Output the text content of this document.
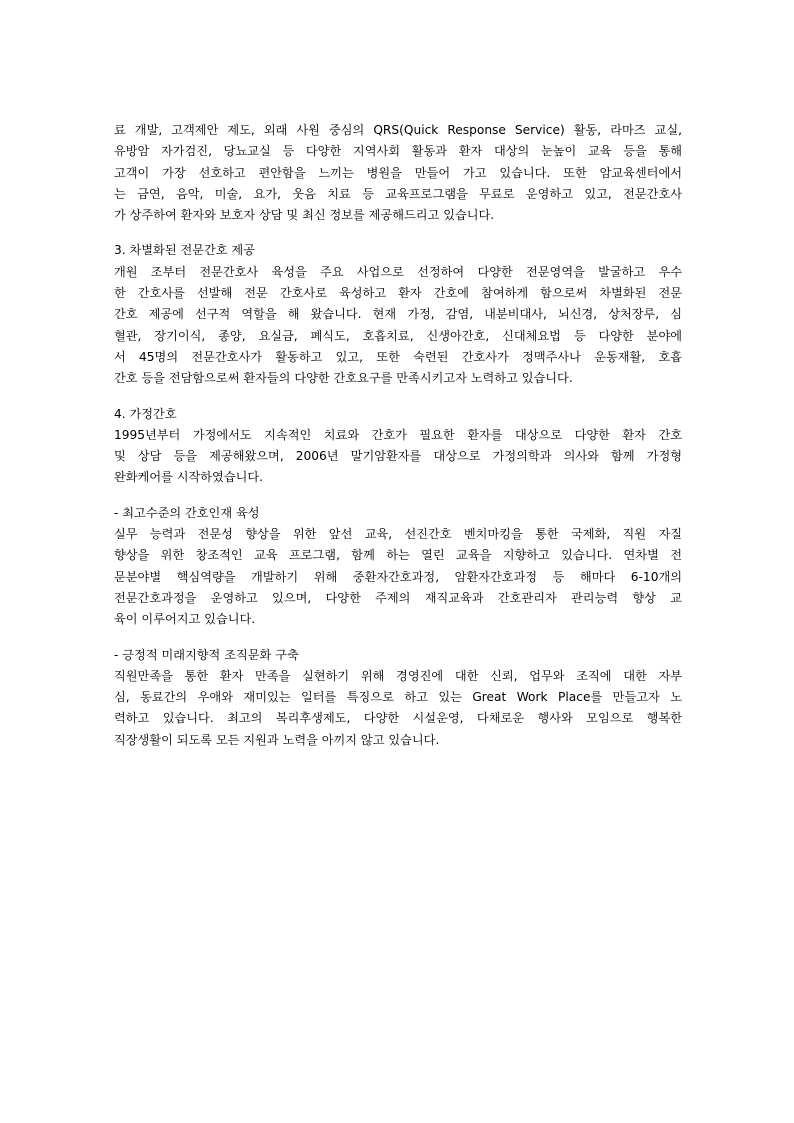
료 개발, 고객제안 제도, 외래 사원 중심의 QRS(Quick Response Service) 활동, 라마즈 교실,
유방암 자가검진, 당뇨교실 등 다양한 지역사회 활동과 환자 대상의 눈높이 교육 등을 통해
고객이 가장 선호하고 편안함을 느끼는 병원을 만들어 가고 있습니다. 또한 암교육센터에서
는 금연, 음악, 미술, 요가, 웃음 치료 등 교육프로그램을 무료로 운영하고 있고, 전문간호사
가 상주하여 환자와 보호자 상담 및 최신 정보를 제공해드리고 있습니다.

3. 차별화된 전문간호 제공

개원 조부터 전문간호사 육성을 주요 사업으로 선정하여 다양한 전문영역을 발굴하고 우수
한 간호사를 선발해 전문 간호사로 육성하고 환자 간호에 참여하게 함으로써 차별화된 전문
간호 제공에 선구적 역할을 해 왔습니다. 현재 가정, 감염, 내분비대사, 뇌신경, 상처장루, 심
혈관, 장기이식, 종양, 요실금, 폐식도, 호흡치료, 신생아간호, 신대체요법 등 다양한 분야에
서 45명의 전문간호사가 활동하고 있고, 또한 숙련된 간호사가 정맥주사나 운동재활, 호흡
간호 등을 전담함으로써 환자들의 다양한 간호요구를 만족시키고자 노력하고 있습니다.

4. 가정간호

1995년부터 가정에서도 지속적인 치료와 간호가 필요한 환자를 대상으로 다양한 환자 간호
및 상담 등을 제공해왔으며, 2006년 말기암환자를 대상으로 가정의학과 의사와 함께 가정형
완화케어를 시작하였습니다.

- 최고수준의 간호인재 육성

실무 능력과 전문성 향상을 위한 앞선 교육, 선진간호 벤치마킹을 통한 국제화, 직원 자질
향상을 위한 창조적인 교육 프로그램, 함께 하는 열린 교육을 지향하고 있습니다. 연차별 전
문분야별 핵심역량을 개발하기 위해 중환자간호과정, 암환자간호과정 등 해마다 6-10개의
전문간호과정을 운영하고 있으며, 다양한 주제의 재직교육과 간호관리자 관리능력 향상 교
육이 이루어지고 있습니다.

- 긍정적 미래지향적 조직문화 구축

직원만족을 통한 환자 만족을 실현하기 위해 경영진에 대한 신뢰, 업무와 조직에 대한 자부
심, 동료간의 우애와 재미있는 일터를 특징으로 하고 있는 Great Work Place를 만들고자 노
력하고 있습니다. 최고의 복리후생제도, 다양한 시설운영, 다채로운 행사와 모임으로 행복한
직장생활이 되도록 모든 지원과 노력을 아끼지 않고 있습니다.
